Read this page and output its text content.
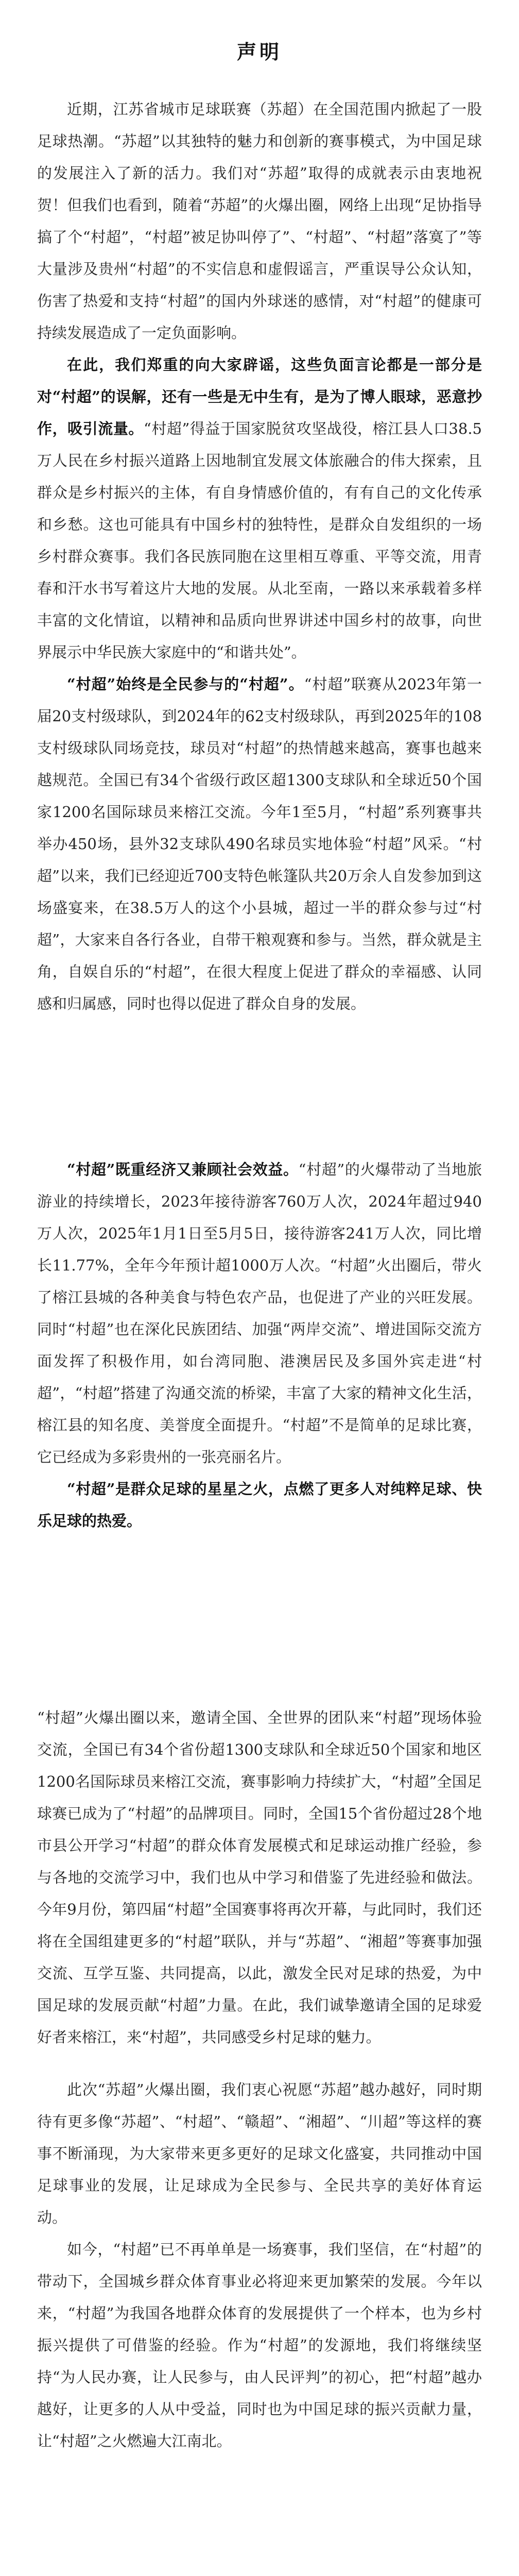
声明

近期，江苏省城市足球联赛（苏超）在全国范围内掀起了一股足球热潮。“苏超”以其独特的魅力和创新的赛事模式，为中国足球的发展注入了新的活力。我们对“苏超”取得的成就表示由衷地祝贺！但我们也看到，随着“苏超”的火爆出圈，网络上出现“足协指导搞了个“村超”，“村超”被足协叫停了”、“村超”、“村超”落寞了”等大量涉及贵州“村超”的不实信息和虚假谣言，严重误导公众认知，伤害了热爱和支持“村超”的国内外球迷的感情，对“村超”的健康可持续发展造成了一定负面影响。

在此，我们郑重的向大家辟谣，这些负面言论都是一部分是对“村超”的误解，还有一些是无中生有，是为了博人眼球，恶意抄作，吸引流量。“村超”得益于国家脱贫攻坚战役，榕江县人口38.5万人民在乡村振兴道路上因地制宜发展文体旅融合的伟大探索，且群众是乡村振兴的主体，有自身情感价值的，有有自己的文化传承和乡愁。这也可能具有中国乡村的独特性，是群众自发组织的一场乡村群众赛事。我们各民族同胞在这里相互尊重、平等交流，用青春和汗水书写着这片大地的发展。从北至南，一路以来承载着多样丰富的文化情谊，以精神和品质向世界讲述中国乡村的故事，向世界展示中华民族大家庭中的“和谐共处”。

“村超”始终是全民参与的“村超”。“村超”联赛从2023年第一届20支村级球队，到2024年的62支村级球队，再到2025年的108支村级球队同场竞技，球员对“村超”的热情越来越高，赛事也越来越规范。全国已有34个省级行政区超1300支球队和全球近50个国家1200名国际球员来榕江交流。今年1至5月，“村超”系列赛事共举办450场，县外32支球队490名球员实地体验“村超”风采。“村超”以来，我们已经迎近700支特色帐篷队共20万余人自发参加到这场盛宴来，在38.5万人的这个小县城，超过一半的群众参与过“村超”，大家来自各行各业，自带干粮观赛和参与。当然，群众就是主角，自娱自乐的“村超”，在很大程度上促进了群众的幸福感、认同感和归属感，同时也得以促进了群众自身的发展。

“村超”既重经济又兼顾社会效益。“村超”的火爆带动了当地旅游业的持续增长，2023年接待游客760万人次，2024年超过940万人次，2025年1月1日至5月5日，接待游客241万人次，同比增长11.77%，全年今年预计超1000万人次。“村超”火出圈后，带火了榕江县城的各种美食与特色农产品，也促进了产业的兴旺发展。同时“村超”也在深化民族团结、加强“两岸交流”、增进国际交流方面发挥了积极作用，如台湾同胞、港澳居民及多国外宾走进“村超”，“村超”搭建了沟通交流的桥梁，丰富了大家的精神文化生活，榕江县的知名度、美誉度全面提升。“村超”不是简单的足球比赛，它已经成为多彩贵州的一张亮丽名片。

“村超”是群众足球的星星之火，点燃了更多人对纯粹足球、快乐足球的热爱。

“村超”火爆出圈以来，邀请全国、全世界的团队来“村超”现场体验交流，全国已有34个省份超1300支球队和全球近50个国家和地区1200名国际球员来榕江交流，赛事影响力持续扩大，“村超”全国足球赛已成为了“村超”的品牌项目。同时，全国15个省份超过28个地市县公开学习“村超”的群众体育发展模式和足球运动推广经验，参与各地的交流学习中，我们也从中学习和借鉴了先进经验和做法。今年9月份，第四届“村超”全国赛事将再次开幕，与此同时，我们还将在全国组建更多的“村超”联队，并与“苏超”、“湘超”等赛事加强交流、互学互鉴、共同提高，以此，激发全民对足球的热爱，为中国足球的发展贡献“村超”力量。在此，我们诚挚邀请全国的足球爱好者来榕江，来“村超”，共同感受乡村足球的魅力。

此次“苏超”火爆出圈，我们衷心祝愿“苏超”越办越好，同时期待有更多像“苏超”、“村超”、“赣超”、“湘超”、“川超”等这样的赛事不断涌现，为大家带来更多更好的足球文化盛宴，共同推动中国足球事业的发展，让足球成为全民参与、全民共享的美好体育运动。

如今，“村超”已不再单单是一场赛事，我们坚信，在“村超”的带动下，全国城乡群众体育事业必将迎来更加繁荣的发展。今年以来，“村超”为我国各地群众体育的发展提供了一个样本，也为乡村振兴提供了可借鉴的经验。作为“村超”的发源地，我们将继续坚持“为人民办赛，让人民参与，由人民评判”的初心，把“村超”越办越好，让更多的人从中受益，同时也为中国足球的振兴贡献力量，让“村超”之火燃遍大江南北。
